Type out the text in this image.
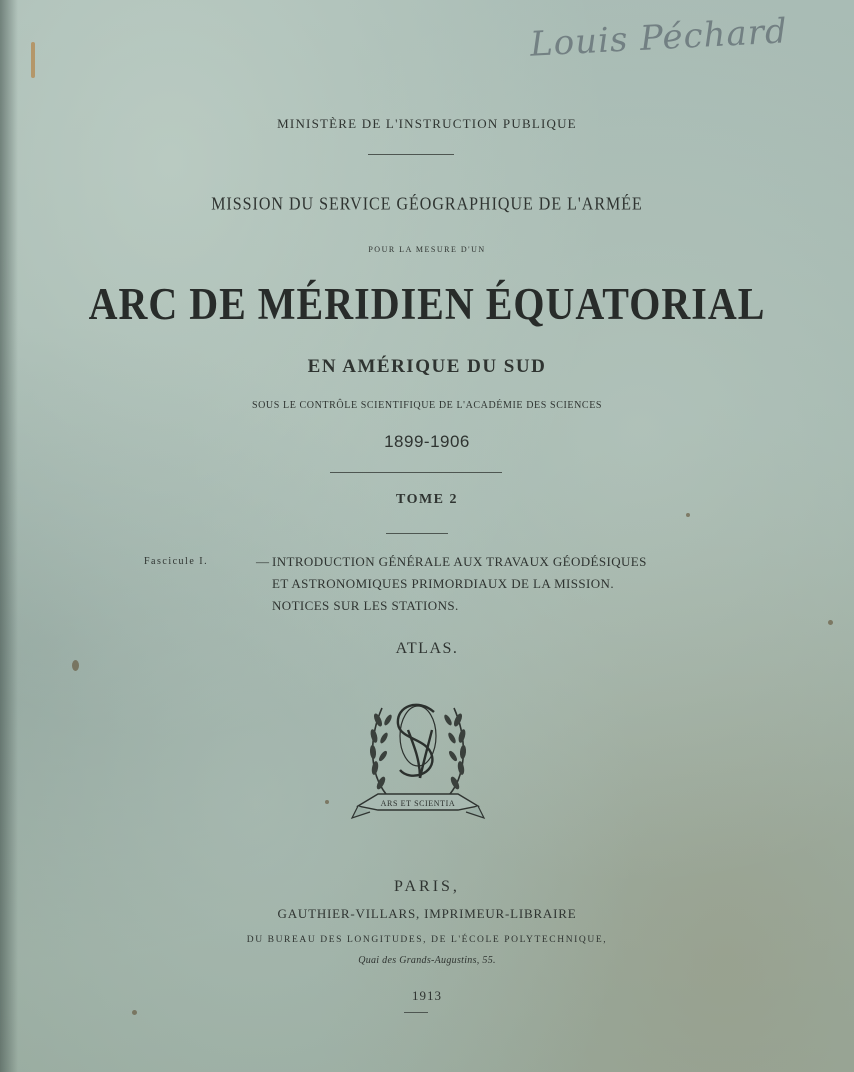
Louis Péchard
MINISTÈRE DE L'INSTRUCTION PUBLIQUE
MISSION DU SERVICE GÉOGRAPHIQUE DE L'ARMÉE
POUR LA MESURE D'UN
ARC DE MÉRIDIEN ÉQUATORIAL
EN AMÉRIQUE DU SUD
SOUS LE CONTRÔLE SCIENTIFIQUE DE L'ACADÉMIE DES SCIENCES
1899-1906
TOME 2
Fascicule I.	— INTRODUCTION GÉNÉRALE AUX TRAVAUX GÉODÉSIQUES
ET ASTRONOMIQUES PRIMORDIAUX DE LA MISSION.
NOTICES SUR LES STATIONS.
ATLAS.
ARS ET SCIENTIA
PARIS,
GAUTHIER-VILLARS, IMPRIMEUR-LIBRAIRE
DU BUREAU DES LONGITUDES, DE L'ÉCOLE POLYTECHNIQUE,
Quai des Grands-Augustins, 55.
1913
